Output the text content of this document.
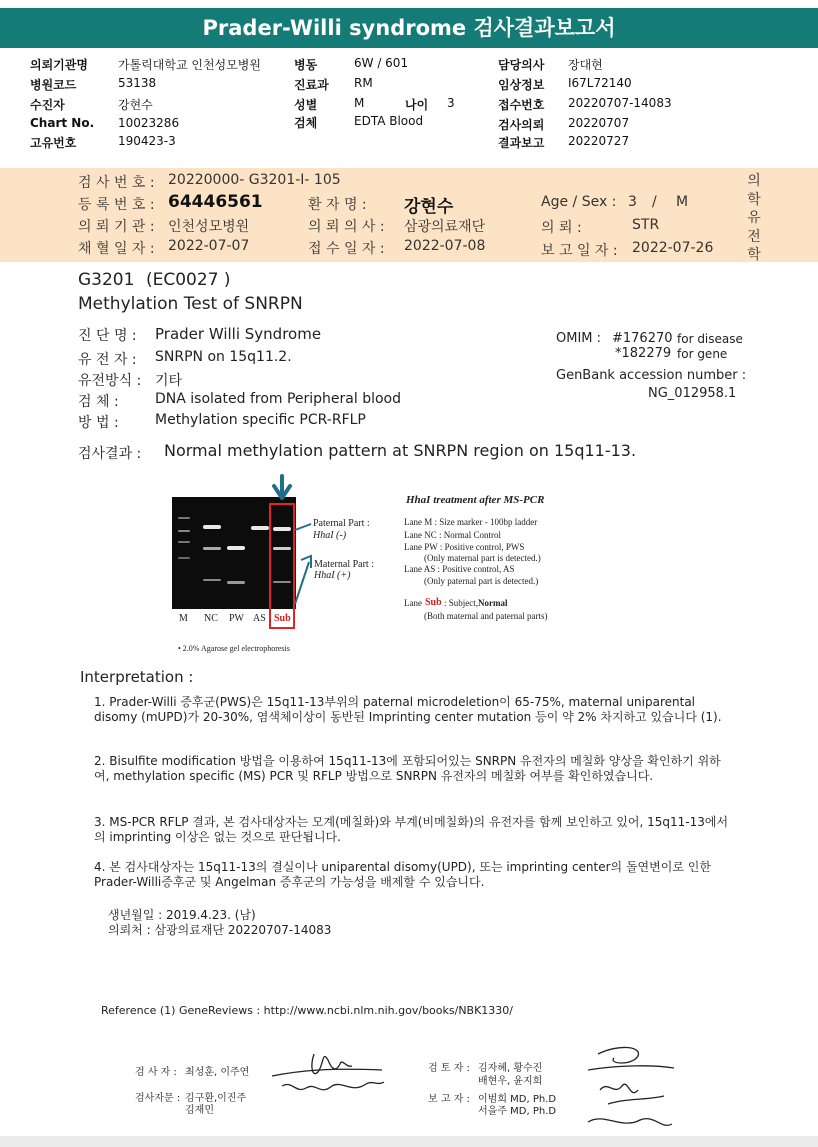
Prader-Willi syndrome 검사결과보고서
의뢰기관명	가톨릭대학교 인천성모병원
병원코드	53138
수진자	강현수
Chart No. 10023286
고유번호	190423-3
병동	6W / 601
진료과 RM
성별	M	나이 3
검체	EDTA Blood
담당의사 장대현
임상정보 I67L72140
접수번호 20220707-14083
검사의뢰 20220707
결과보고 20220727
검 사 번 호 : 20220000- G3201-I- 105
등 록 번 호 : 64446561	환 자 명 : 강현수	Age / Sex : 3 / M
의 뢰 기 관 : 인천성모병원	의 뢰 의 사 : 삼광의료재단	의 뢰 :	STR
채 혈 일 자 : 2022-07-07	접 수 일 자 : 2022-07-08	보 고 일 자 : 2022-07-26
의
학
유
전
학
G3201 (EC0027 )
Methylation Test of SNRPN
진 단 명 : Prader Willi Syndrome
유 전 자 : SNRPN on 15q11.2.
유전방식 : 기타
검 체 :	DNA isolated from Peripheral blood
방 법 :	Methylation specific PCR-RFLP
OMIM : #176270 for disease
*182279 for gene
GenBank accession number :
NG_012958.1
검사결과 : Normal methylation pattern at SNRPN region on 15q11-13.
M NC PW AS Sub
Paternal Part :
HhaI (-)
Maternal Part :
HhaI (+)
• 2.0% Agarose gel electrophoresis
HhaI treatment after MS-PCR
Lane M : Size marker - 100bp ladder
Lane NC : Normal Control
Lane PW : Positive control, PWS
(Only maternal part is detected.)
Lane AS : Positive control, AS
(Only paternal part is detected.)
Lane Sub : Subject, Normal
(Both maternal and paternal parts)
Interpretation :
1. Prader-Willi 증후군(PWS)은 15q11-13부위의 paternal microdeletion이 65-75%, maternal uniparental disomy (mUPD)가 20-30%, 염색체이상이 동반된 Imprinting center mutation 등이 약 2% 차지하고 있습니다 (1).
2. Bisulfite modification 방법을 이용하여 15q11-13에 포함되어있는 SNRPN 유전자의 메칠화 양상을 확인하기 위하여, methylation specific (MS) PCR 및 RFLP 방법으로 SNRPN 유전자의 메칠화 여부를 확인하였습니다.
3. MS-PCR RFLP 결과, 본 검사대상자는 모계(메칠화)와 부계(비메칠화)의 유전자를 함께 보인하고 있어, 15q11-13에서의 imprinting 이상은 없는 것으로 판단됩니다.
4. 본 검사대상자는 15q11-13의 결실이나 uniparental disomy(UPD), 또는 imprinting center의 돌연변이로 인한 Prader-Willi증후군 및 Angelman 증후군의 가능성을 배제할 수 있습니다.
생년월일 : 2019.4.23. (남)
의뢰처 : 삼광의료재단 20220707-14083
Reference (1) GeneReviews : http://www.ncbi.nlm.nih.gov/books/NBK1330/
검 사 자 : 최성훈, 이주연
검사자문 : 김구환,이진주
김재민
검 토 자 : 김자혜, 황수진
배현우, 윤지희
보 고 자 : 이범희 MD, Ph.D
서을주 MD, Ph.D
